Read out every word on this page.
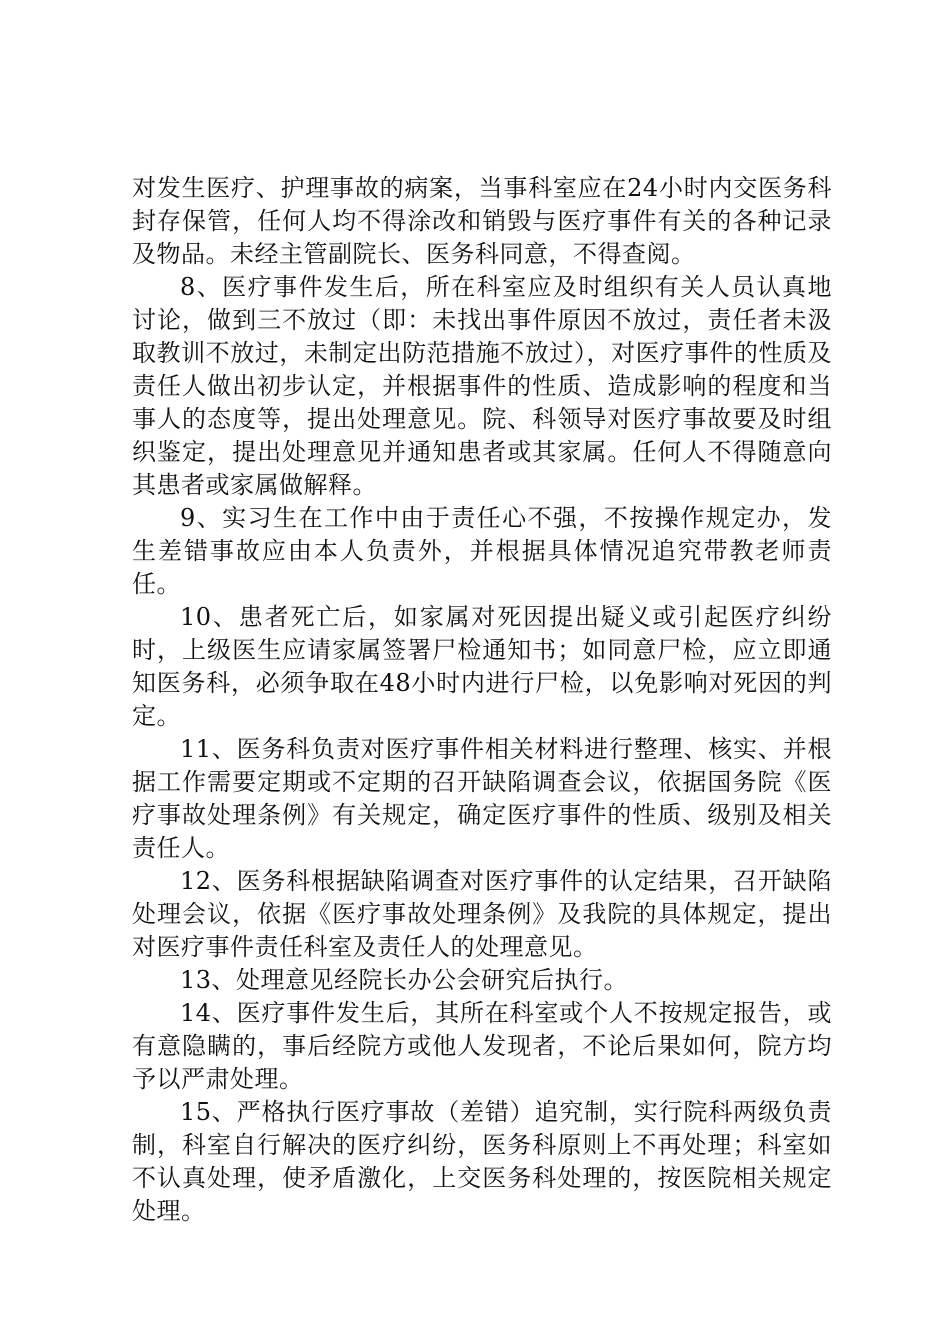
对发生医疗、护理事故的病案，当事科室应在24小时内交医务科封存保管，任何人均不得涂改和销毁与医疗事件有关的各种记录及物品。未经主管副院长、医务科同意，不得查阅。

8、医疗事件发生后，所在科室应及时组织有关人员认真地讨论，做到三不放过（即：未找出事件原因不放过，责任者未汲取教训不放过，未制定出防范措施不放过），对医疗事件的性质及责任人做出初步认定，并根据事件的性质、造成影响的程度和当事人的态度等，提出处理意见。院、科领导对医疗事故要及时组织鉴定，提出处理意见并通知患者或其家属。任何人不得随意向其患者或家属做解释。

9、实习生在工作中由于责任心不强，不按操作规定办，发生差错事故应由本人负责外，并根据具体情况追究带教老师责任。

10、患者死亡后，如家属对死因提出疑义或引起医疗纠纷时，上级医生应请家属签署尸检通知书；如同意尸检，应立即通知医务科，必须争取在48小时内进行尸检，以免影响对死因的判定。

11、医务科负责对医疗事件相关材料进行整理、核实、并根据工作需要定期或不定期的召开缺陷调查会议，依据国务院《医疗事故处理条例》有关规定，确定医疗事件的性质、级别及相关责任人。

12、医务科根据缺陷调查对医疗事件的认定结果，召开缺陷处理会议，依据《医疗事故处理条例》及我院的具体规定，提出对医疗事件责任科室及责任人的处理意见。

13、处理意见经院长办公会研究后执行。

14、医疗事件发生后，其所在科室或个人不按规定报告，或有意隐瞒的，事后经院方或他人发现者，不论后果如何，院方均予以严肃处理。

15、严格执行医疗事故（差错）追究制，实行院科两级负责制，科室自行解决的医疗纠纷，医务科原则上不再处理；科室如不认真处理，使矛盾激化，上交医务科处理的，按医院相关规定处理。
